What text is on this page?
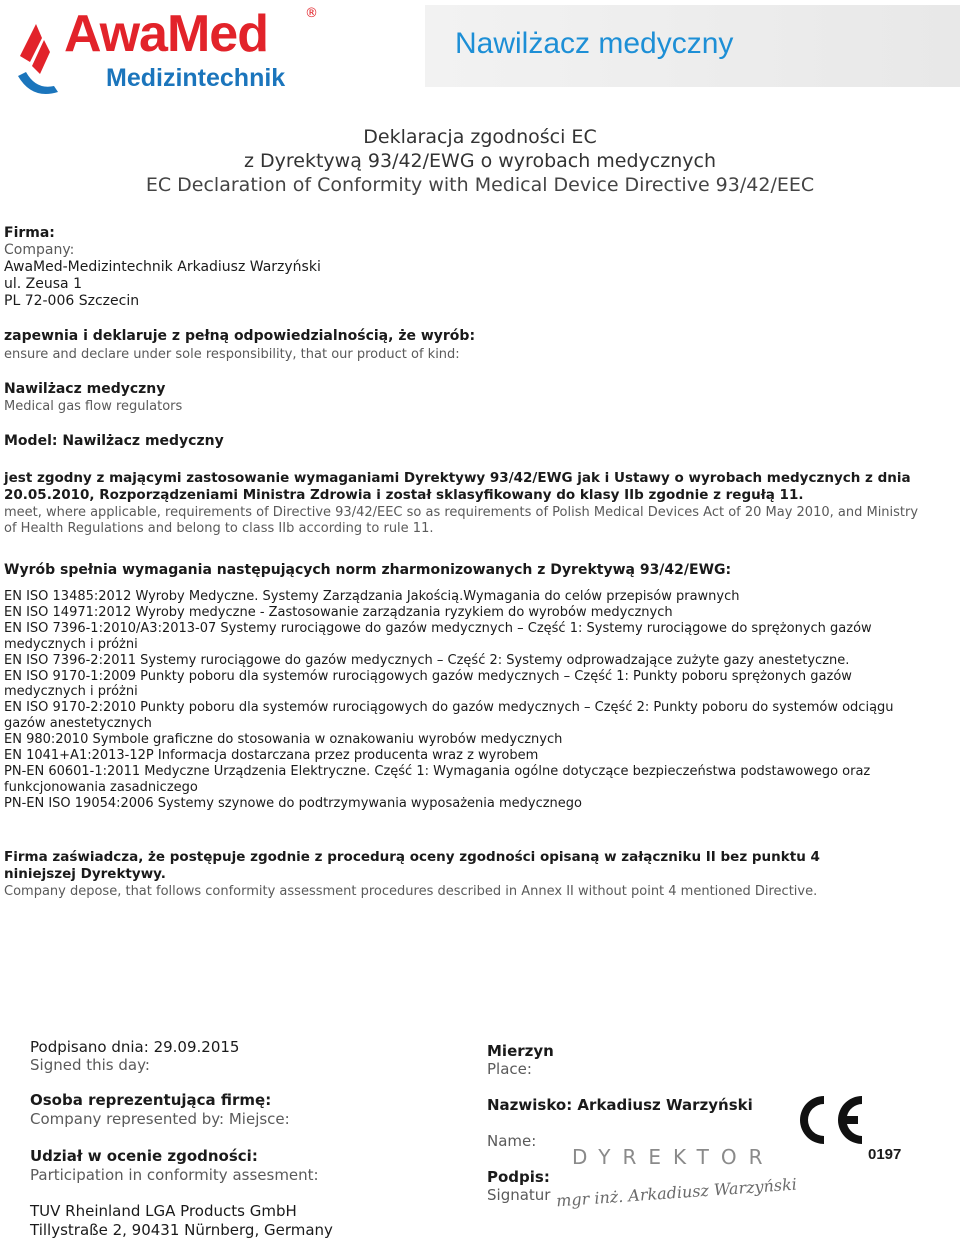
AwaMed
Medizintechnik
®
Nawilżacz medyczny
Deklaracja zgodności EC
z Dyrektywą 93/42/EWG o wyrobach medycznych
EC Declaration of Conformity with Medical Device Directive 93/42/EEC
Firma:
Company:
AwaMed-Medizintechnik Arkadiusz Warzyński
ul. Zeusa 1
PL 72-006 Szczecin
zapewnia i deklaruje z pełną odpowiedzialnością, że wyrób:
ensure and declare under sole responsibility, that our product of kind:
Nawilżacz medyczny
Medical gas flow regulators
Model: Nawilżacz medyczny
jest zgodny z mającymi zastosowanie wymaganiami Dyrektywy 93/42/EWG jak i Ustawy o wyrobach medycznych z dnia 20.05.2010, Rozporządzeniami Ministra Zdrowia i został sklasyfikowany do klasy IIb zgodnie z regułą 11.
meet, where applicable, requirements of Directive 93/42/EEC so as requirements of Polish Medical Devices Act of 20 May 2010, and Ministry of Health Regulations and belong to class IIb according to rule 11.
Wyrób spełnia wymagania następujących norm zharmonizowanych z Dyrektywą 93/42/EWG:
EN ISO 13485:2012 Wyroby Medyczne. Systemy Zarządzania Jakością.Wymagania do celów przepisów prawnych
EN ISO 14971:2012 Wyroby medyczne - Zastosowanie zarządzania ryzykiem do wyrobów medycznych
EN ISO 7396-1:2010/A3:2013-07 Systemy rurociągowe do gazów medycznych – Część 1: Systemy rurociągowe do sprężonych gazów medycznych i próżni
EN ISO 7396-2:2011 Systemy rurociągowe do gazów medycznych – Część 2: Systemy odprowadzające zużyte gazy anestetyczne.
EN ISO 9170-1:2009 Punkty poboru dla systemów rurociągowych gazów medycznych – Część 1: Punkty poboru sprężonych gazów medycznych i próżni
EN ISO 9170-2:2010 Punkty poboru dla systemów rurociągowych do gazów medycznych – Część 2: Punkty poboru do systemów odciągu gazów anestetycznych
EN 980:2010 Symbole graficzne do stosowania w oznakowaniu wyrobów medycznych
EN 1041+A1:2013-12P Informacja dostarczana przez producenta wraz z wyrobem
PN-EN 60601-1:2011 Medyczne Urządzenia Elektryczne. Część 1: Wymagania ogólne dotyczące bezpieczeństwa podstawowego oraz funkcjonowania zasadniczego
PN-EN ISO 19054:2006 Systemy szynowe do podtrzymywania wyposażenia medycznego
Firma zaświadcza, że postępuje zgodnie z procedurą oceny zgodności opisaną w załączniku II bez punktu 4 niniejszej Dyrektywy.
Company depose, that follows conformity assessment procedures described in Annex II without point 4 mentioned Directive.
Podpisano dnia: 29.09.2015
Signed this day:
Osoba reprezentująca firmę:
Company represented by: Miejsce:
Udział w ocenie zgodności:
Participation in conformity assesment:
TUV Rheinland LGA Products GmbH
Tillystraße 2, 90431 Nürnberg, Germany
Mierzyn
Place:
Nazwisko: Arkadiusz Warzyński
Name:
Podpis:
Signatur
DYREKTOR
mgr inż. Arkadiusz Warzyński
0197
